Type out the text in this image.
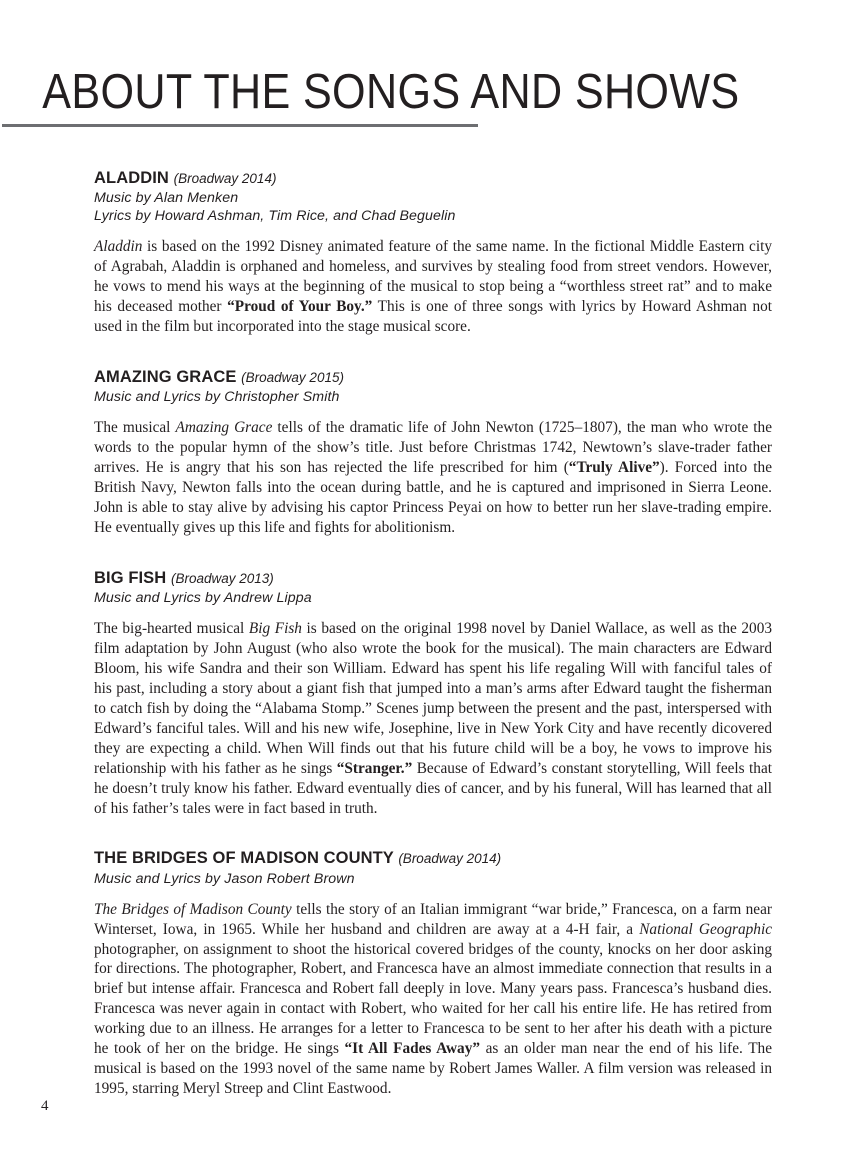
ABOUT THE SONGS AND SHOWS
ALADDIN (Broadway 2014)

Music by Alan Menken

Lyrics by Howard Ashman, Tim Rice, and Chad Beguelin

Aladdin is based on the 1992 Disney animated feature of the same name. In the fictional Middle Eastern city of Agrabah, Aladdin is orphaned and homeless, and survives by stealing food from street vendors. However, he vows to mend his ways at the beginning of the musical to stop being a “worthless street rat” and to make his deceased mother “Proud of Your Boy.” This is one of three songs with lyrics by Howard Ashman not used in the film but incorporated into the stage musical score.

AMAZING GRACE (Broadway 2015)

Music and Lyrics by Christopher Smith

The musical Amazing Grace tells of the dramatic life of John Newton (1725–1807), the man who wrote the words to the popular hymn of the show’s title. Just before Christmas 1742, Newtown’s slave-trader father arrives. He is angry that his son has rejected the life prescribed for him (“Truly Alive”). Forced into the British Navy, Newton falls into the ocean during battle, and he is captured and imprisoned in Sierra Leone. John is able to stay alive by advising his captor Princess Peyai on how to better run her slave-trading empire. He eventually gives up this life and fights for abolitionism.

BIG FISH (Broadway 2013)

Music and Lyrics by Andrew Lippa

The big-hearted musical Big Fish is based on the original 1998 novel by Daniel Wallace, as well as the 2003 film adaptation by John August (who also wrote the book for the musical). The main characters are Edward Bloom, his wife Sandra and their son William. Edward has spent his life regaling Will with fanciful tales of his past, including a story about a giant fish that jumped into a man’s arms after Edward taught the fisherman to catch fish by doing the “Alabama Stomp.” Scenes jump between the present and the past, interspersed with Edward’s fanciful tales. Will and his new wife, Josephine, live in New York City and have recently dicovered they are expecting a child. When Will finds out that his future child will be a boy, he vows to improve his relationship with his father as he sings “Stranger.” Because of Edward’s constant storytelling, Will feels that he doesn’t truly know his father. Edward eventually dies of cancer, and by his funeral, Will has learned that all of his father’s tales were in fact based in truth.

THE BRIDGES OF MADISON COUNTY (Broadway 2014)

Music and Lyrics by Jason Robert Brown

The Bridges of Madison County tells the story of an Italian immigrant “war bride,” Francesca, on a farm near Winterset, Iowa, in 1965. While her husband and children are away at a 4-H fair, a National Geographic photographer, on assignment to shoot the historical covered bridges of the county, knocks on her door asking for directions. The photographer, Robert, and Francesca have an almost immediate connection that results in a brief but intense affair. Francesca and Robert fall deeply in love. Many years pass. Francesca’s husband dies. Francesca was never again in contact with Robert, who waited for her call his entire life. He has retired from working due to an illness. He arranges for a letter to Francesca to be sent to her after his death with a picture he took of her on the bridge. He sings “It All Fades Away” as an older man near the end of his life. The musical is based on the 1993 novel of the same name by Robert James Waller. A film version was released in 1995, starring Meryl Streep and Clint Eastwood.

4
